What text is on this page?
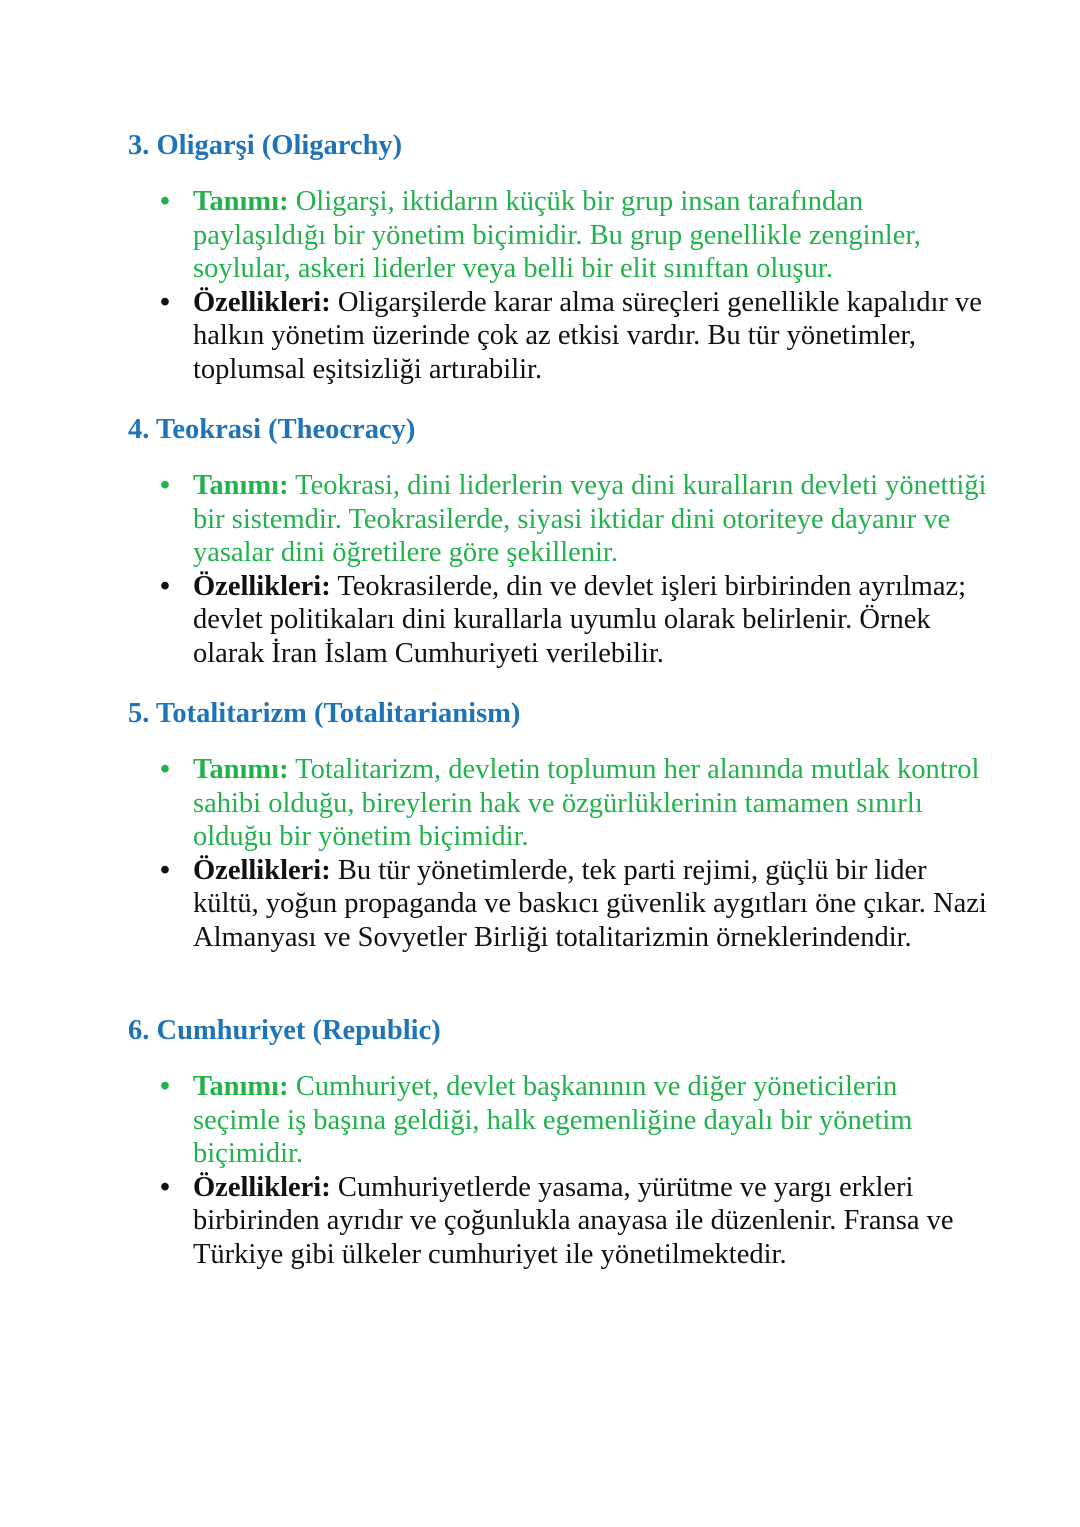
3. Oligarşi (Oligarchy)
• Tanımı: Oligarşi, iktidarın küçük bir grup insan tarafından paylaşıldığı bir yönetim biçimidir. Bu grup genellikle zenginler, soylular, askeri liderler veya belli bir elit sınıftan oluşur.
• Özellikleri: Oligarşilerde karar alma süreçleri genellikle kapalıdır ve halkın yönetim üzerinde çok az etkisi vardır. Bu tür yönetimler, toplumsal eşitsizliği artırabilir.
4. Teokrasi (Theocracy)
• Tanımı: Teokrasi, dini liderlerin veya dini kuralların devleti yönettiği bir sistemdir. Teokrasilerde, siyasi iktidar dini otoriteye dayanır ve yasalar dini öğretilere göre şekillenir.
• Özellikleri: Teokrasilerde, din ve devlet işleri birbirinden ayrılmaz; devlet politikaları dini kurallarla uyumlu olarak belirlenir. Örnek olarak İran İslam Cumhuriyeti verilebilir.
5. Totalitarizm (Totalitarianism)
• Tanımı: Totalitarizm, devletin toplumun her alanında mutlak kontrol sahibi olduğu, bireylerin hak ve özgürlüklerinin tamamen sınırlı olduğu bir yönetim biçimidir.
• Özellikleri: Bu tür yönetimlerde, tek parti rejimi, güçlü bir lider kültü, yoğun propaganda ve baskıcı güvenlik aygıtları öne çıkar. Nazi Almanyası ve Sovyetler Birliği totalitarizmin örneklerindendir.
6. Cumhuriyet (Republic)
• Tanımı: Cumhuriyet, devlet başkanının ve diğer yöneticilerin seçimle iş başına geldiği, halk egemenliğine dayalı bir yönetim biçimidir.
• Özellikleri: Cumhuriyetlerde yasama, yürütme ve yargı erkleri birbirinden ayrıdır ve çoğunlukla anayasa ile düzenlenir. Fransa ve Türkiye gibi ülkeler cumhuriyet ile yönetilmektedir.
